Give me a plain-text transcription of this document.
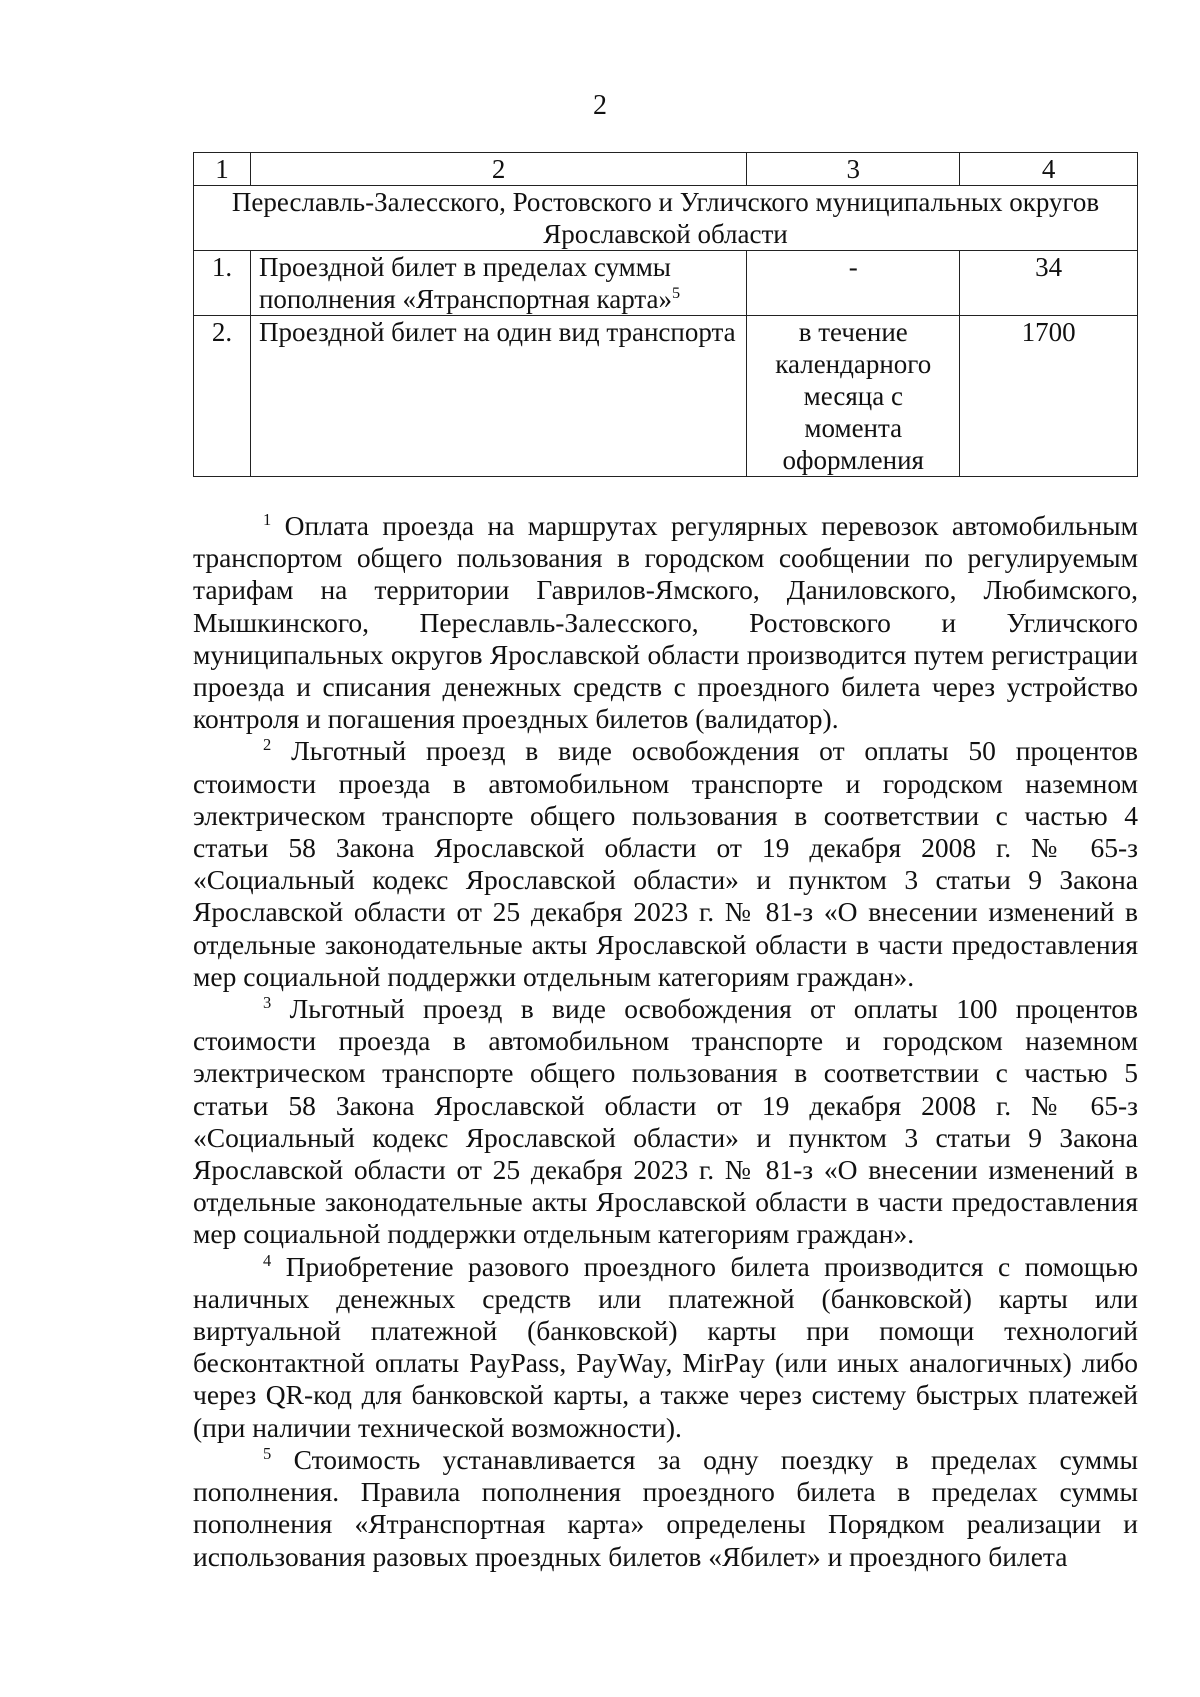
2
1	2	3	4
Переславль-Залесского, Ростовского и Угличского муниципальных округов Ярославской области			
1.	Проездной билет в пределах суммы пополнения «Ятранспортная карта»$^5$	-	34
2.	Проездной билет на один вид транспорта	в течение календарного месяца с момента оформления	1700

$^1$ Оплата проезда на маршрутах регулярных перевозок автомобильным транспортом общего пользования в городском сообщении по регулируемым тарифам на территории Гаврилов-Ямского, Даниловского, Любимского, Мышкинского, Переславль-Залесского, Ростовского и Угличского муниципальных округов Ярославской области производится путем регистрации проезда и списания денежных средств с проездного билета через устройство контроля и погашения проездных билетов (валидатор).

$^2$ Льготный проезд в виде освобождения от оплаты 50 процентов стоимости проезда в автомобильном транспорте и городском наземном электрическом транспорте общего пользования в соответствии с частью 4 статьи 58 Закона Ярославской области от 19 декабря 2008 г. № 65-з «Социальный кодекс Ярославской области» и пунктом 3 статьи 9 Закона Ярославской области от 25 декабря 2023 г. № 81-з «О внесении изменений в отдельные законодательные акты Ярославской области в части предоставления мер социальной поддержки отдельным категориям граждан».

$^3$ Льготный проезд в виде освобождения от оплаты 100 процентов стоимости проезда в автомобильном транспорте и городском наземном электрическом транспорте общего пользования в соответствии с частью 5 статьи 58 Закона Ярославской области от 19 декабря 2008 г. № 65-з «Социальный кодекс Ярославской области» и пунктом 3 статьи 9 Закона Ярославской области от 25 декабря 2023 г. № 81-з «О внесении изменений в отдельные законодательные акты Ярославской области в части предоставления мер социальной поддержки отдельным категориям граждан».

$^4$ Приобретение разового проездного билета производится с помощью наличных денежных средств или платежной (банковской) карты или виртуальной платежной (банковской) карты при помощи технологий бесконтактной оплаты PayPass, PayWay, MirPay (или иных аналогичных) либо через QR-код для банковской карты, а также через систему быстрых платежей (при наличии технической возможности).

$^5$ Стоимость устанавливается за одну поездку в пределах суммы пополнения. Правила пополнения проездного билета в пределах суммы пополнения «Ятранспортная карта» определены Порядком реализации и использования разовых проездных билетов «Ябилет» и проездного билета
